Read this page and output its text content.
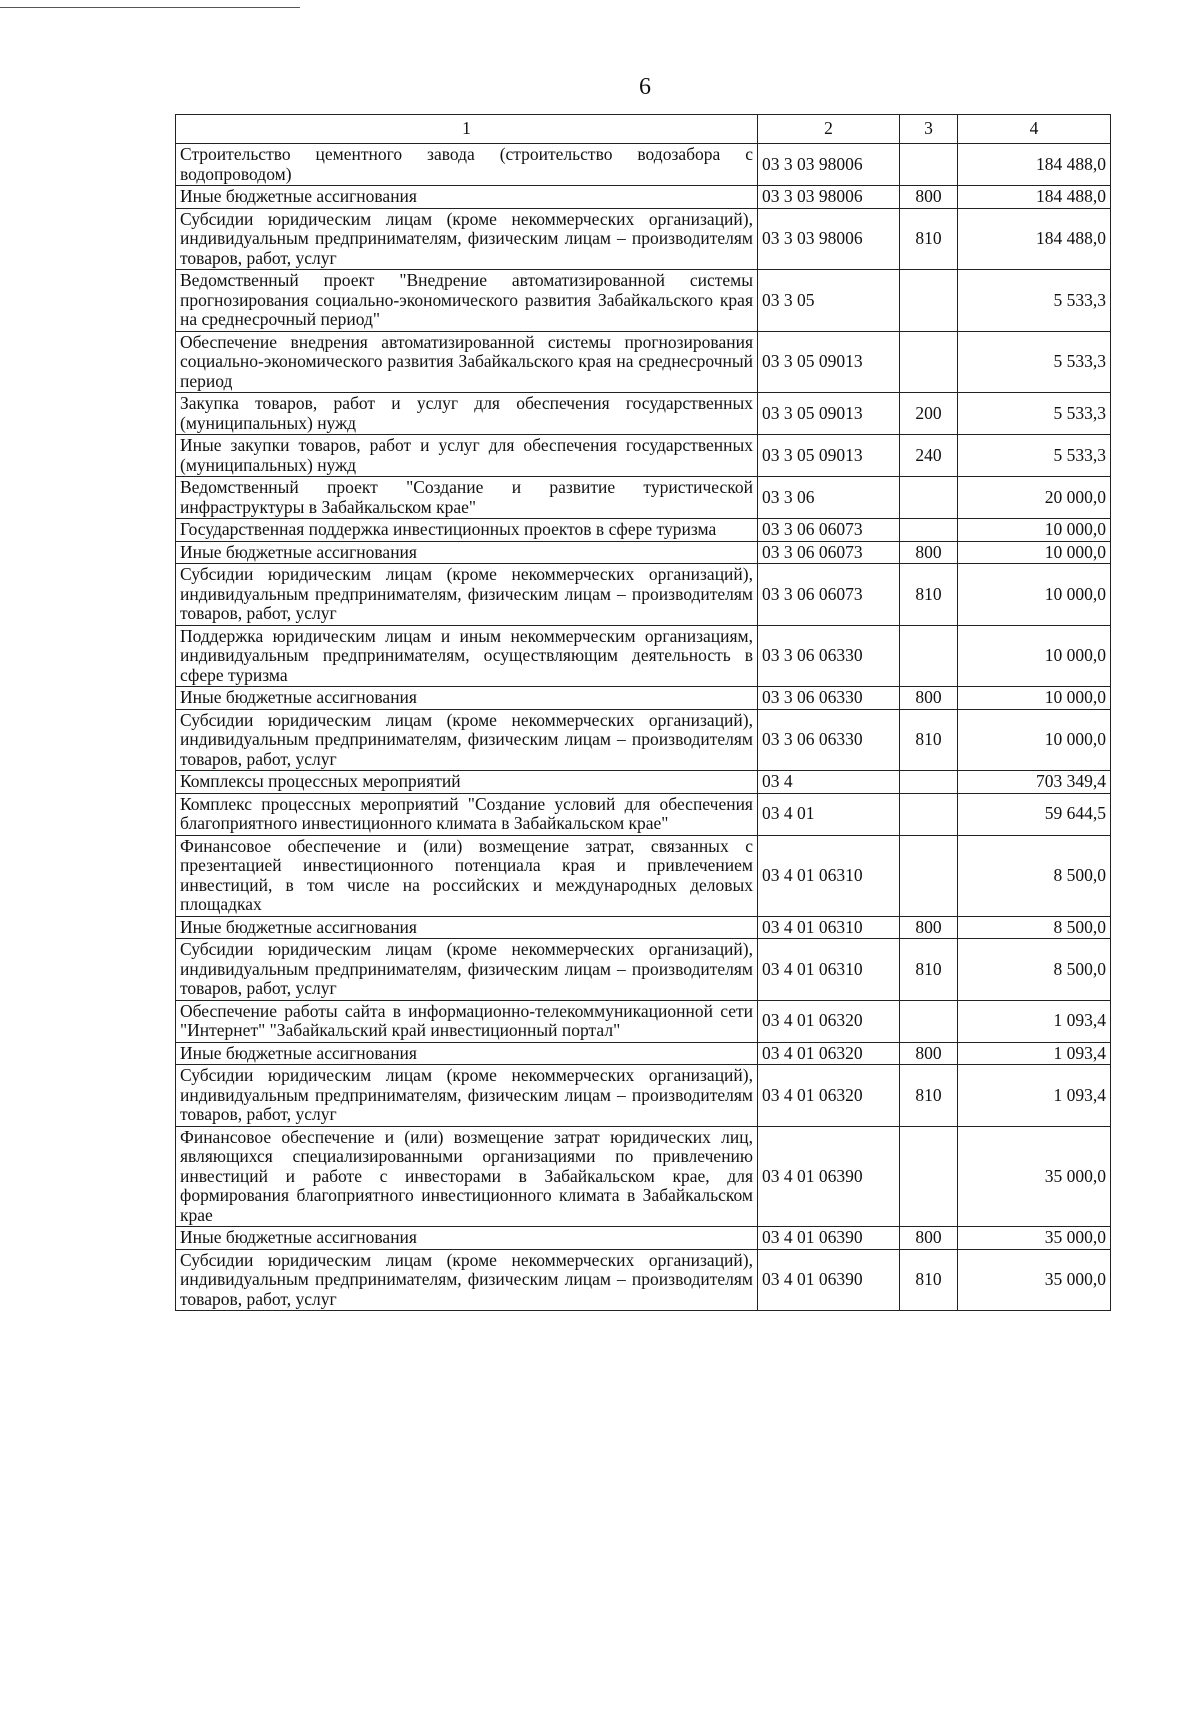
6
1	2	3	4
Строительство цементного завода (строительство водозабора с водопроводом)	03 3 03 98006		184 488,0
Иные бюджетные ассигнования	03 3 03 98006	800	184 488,0
Субсидии юридическим лицам (кроме некоммерческих организаций), индивидуальным предпринимателям, физическим лицам – производителям товаров, работ, услуг	03 3 03 98006	810	184 488,0
Ведомственный проект "Внедрение автоматизированной системы прогнозирования социально-экономического развития Забайкальского края на среднесрочный период"	03 3 05		5 533,3
Обеспечение внедрения автоматизированной системы прогнозирования социально-экономического развития Забайкальского края на среднесрочный период	03 3 05 09013		5 533,3
Закупка товаров, работ и услуг для обеспечения государственных (муниципальных) нужд	03 3 05 09013	200	5 533,3
Иные закупки товаров, работ и услуг для обеспечения государственных (муниципальных) нужд	03 3 05 09013	240	5 533,3
Ведомственный проект "Создание и развитие туристической инфраструктуры в Забайкальском крае"	03 3 06		20 000,0
Государственная поддержка инвестиционных проектов в сфере туризма	03 3 06 06073		10 000,0
Иные бюджетные ассигнования	03 3 06 06073	800	10 000,0
Субсидии юридическим лицам (кроме некоммерческих организаций), индивидуальным предпринимателям, физическим лицам – производителям товаров, работ, услуг	03 3 06 06073	810	10 000,0
Поддержка юридическим лицам и иным некоммерческим организациям, индивидуальным предпринимателям, осуществляющим деятельность в сфере туризма	03 3 06 06330		10 000,0
Иные бюджетные ассигнования	03 3 06 06330	800	10 000,0
Субсидии юридическим лицам (кроме некоммерческих организаций), индивидуальным предпринимателям, физическим лицам – производителям товаров, работ, услуг	03 3 06 06330	810	10 000,0
Комплексы процессных мероприятий	03 4		703 349,4
Комплекс процессных мероприятий "Создание условий для обеспечения благоприятного инвестиционного климата в Забайкальском крае"	03 4 01		59 644,5
Финансовое обеспечение и (или) возмещение затрат, связанных с презентацией инвестиционного потенциала края и привлечением инвестиций, в том числе на российских и международных деловых площадках	03 4 01 06310		8 500,0
Иные бюджетные ассигнования	03 4 01 06310	800	8 500,0
Субсидии юридическим лицам (кроме некоммерческих организаций), индивидуальным предпринимателям, физическим лицам – производителям товаров, работ, услуг	03 4 01 06310	810	8 500,0
Обеспечение работы сайта в информационно-телекоммуникационной сети "Интернет" "Забайкальский край инвестиционный портал"	03 4 01 06320		1 093,4
Иные бюджетные ассигнования	03 4 01 06320	800	1 093,4
Субсидии юридическим лицам (кроме некоммерческих организаций), индивидуальным предпринимателям, физическим лицам – производителям товаров, работ, услуг	03 4 01 06320	810	1 093,4
Финансовое обеспечение и (или) возмещение затрат юридических лиц, являющихся специализированными организациями по привлечению инвестиций и работе с инвесторами в Забайкальском крае, для формирования благоприятного инвестиционного климата в Забайкальском крае	03 4 01 06390		35 000,0
Иные бюджетные ассигнования	03 4 01 06390	800	35 000,0
Субсидии юридическим лицам (кроме некоммерческих организаций), индивидуальным предпринимателям, физическим лицам – производителям товаров, работ, услуг	03 4 01 06390	810	35 000,0
